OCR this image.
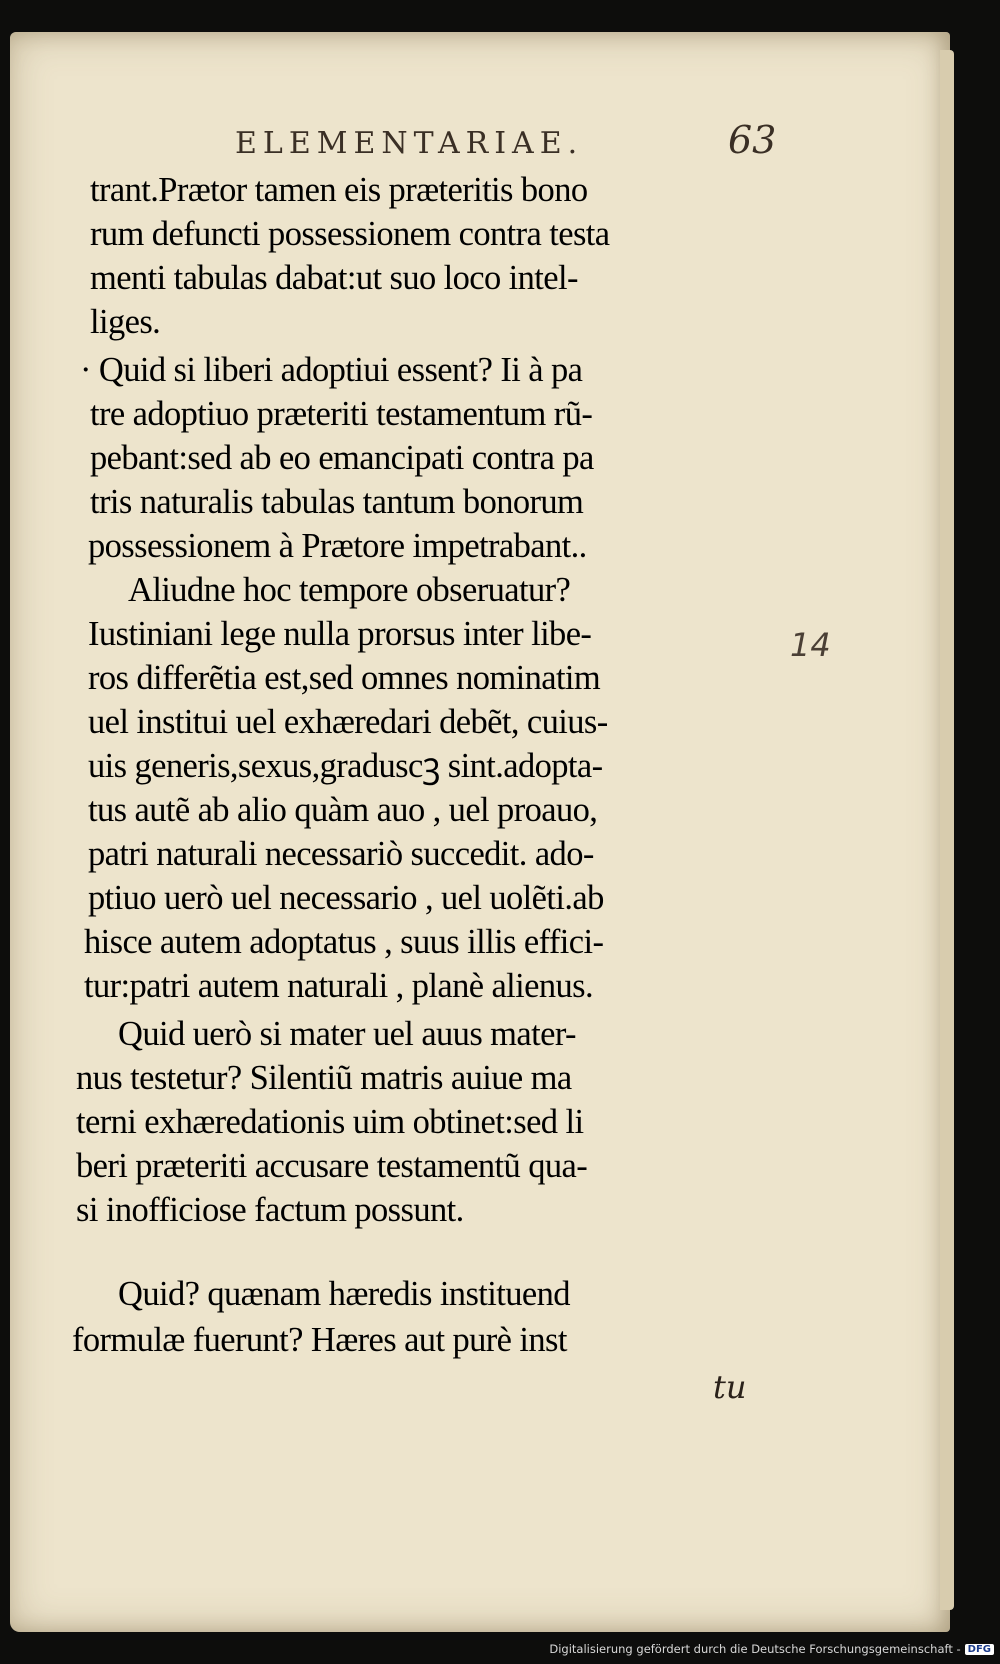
ELEMENTARIAE.	63
trant.Prætor tamen eis præteritis bono
rum defuncti possessionem contra testa
menti tabulas dabat:ut suo loco intel-
liges.
· Quid si liberi adoptiui essent? Ii à pa
tre adoptiuo præteriti testamentum rũ-
pebant:sed ab eo emancipati contra pa
tris naturalis tabulas tantum bonorum
possessionem à Prætore impetrabant..
Aliudne hoc tempore obseruatur?
Iustiniani lege nulla prorsus inter libe-
ros differẽtia est,sed omnes nominatim
uel institui uel exhæredari debẽt, cuius-
uis generis,sexus,graduscꝫ sint.adopta-
tus autẽ ab alio quàm auo , uel proauo,
patri naturali necessariò succedit. ado-
ptiuo uerò uel necessario , uel uolẽti.ab
hisce autem adoptatus , suus illis effici-
tur:patri autem naturali , planè alienus.
Quid uerò si mater uel auus mater-
nus testetur? Silentiũ matris auiue ma
terni exhæredationis uim obtinet:sed li
beri præteriti accusare testamentũ qua-
si inofficiose factum possunt.
Quid? quænam hæredis instituend
formulæ fuerunt? Hæres aut purè inst
tu
14
Digitalisierung gefördert durch die Deutsche Forschungsgemeinschaft - DFG
